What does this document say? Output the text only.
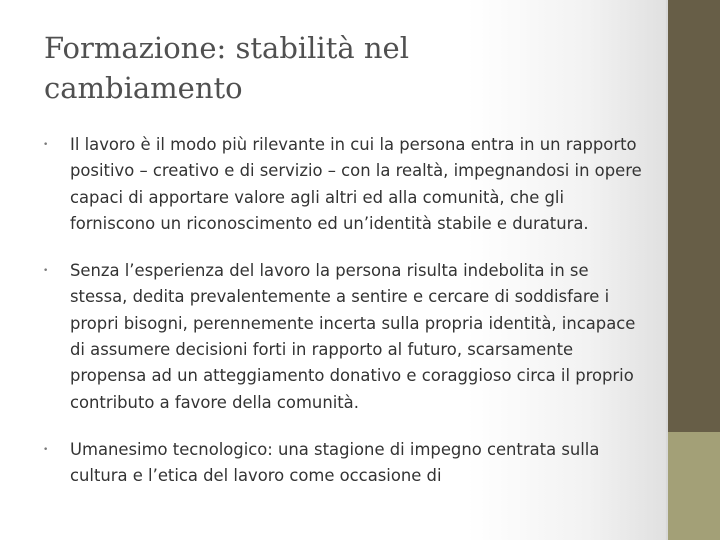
Formazione: stabilità nel
cambiamento
• Il lavoro è il modo più rilevante in cui la persona entra in un rapporto positivo – creativo e di servizio – con la realtà, impegnandosi in opere capaci di apportare valore agli altri ed alla comunità, che gli forniscono un riconoscimento ed un’identità stabile e duratura.
• Senza l’esperienza del lavoro la persona risulta indebolita in se stessa, dedita prevalentemente a sentire e cercare di soddisfare i propri bisogni, perennemente incerta sulla propria identità, incapace di assumere decisioni forti in rapporto al futuro, scarsamente propensa ad un atteggiamento donativo e coraggioso circa il proprio contributo a favore della comunità.
• Umanesimo tecnologico: una stagione di impegno centrata sulla cultura e l’etica del lavoro come occasione di
